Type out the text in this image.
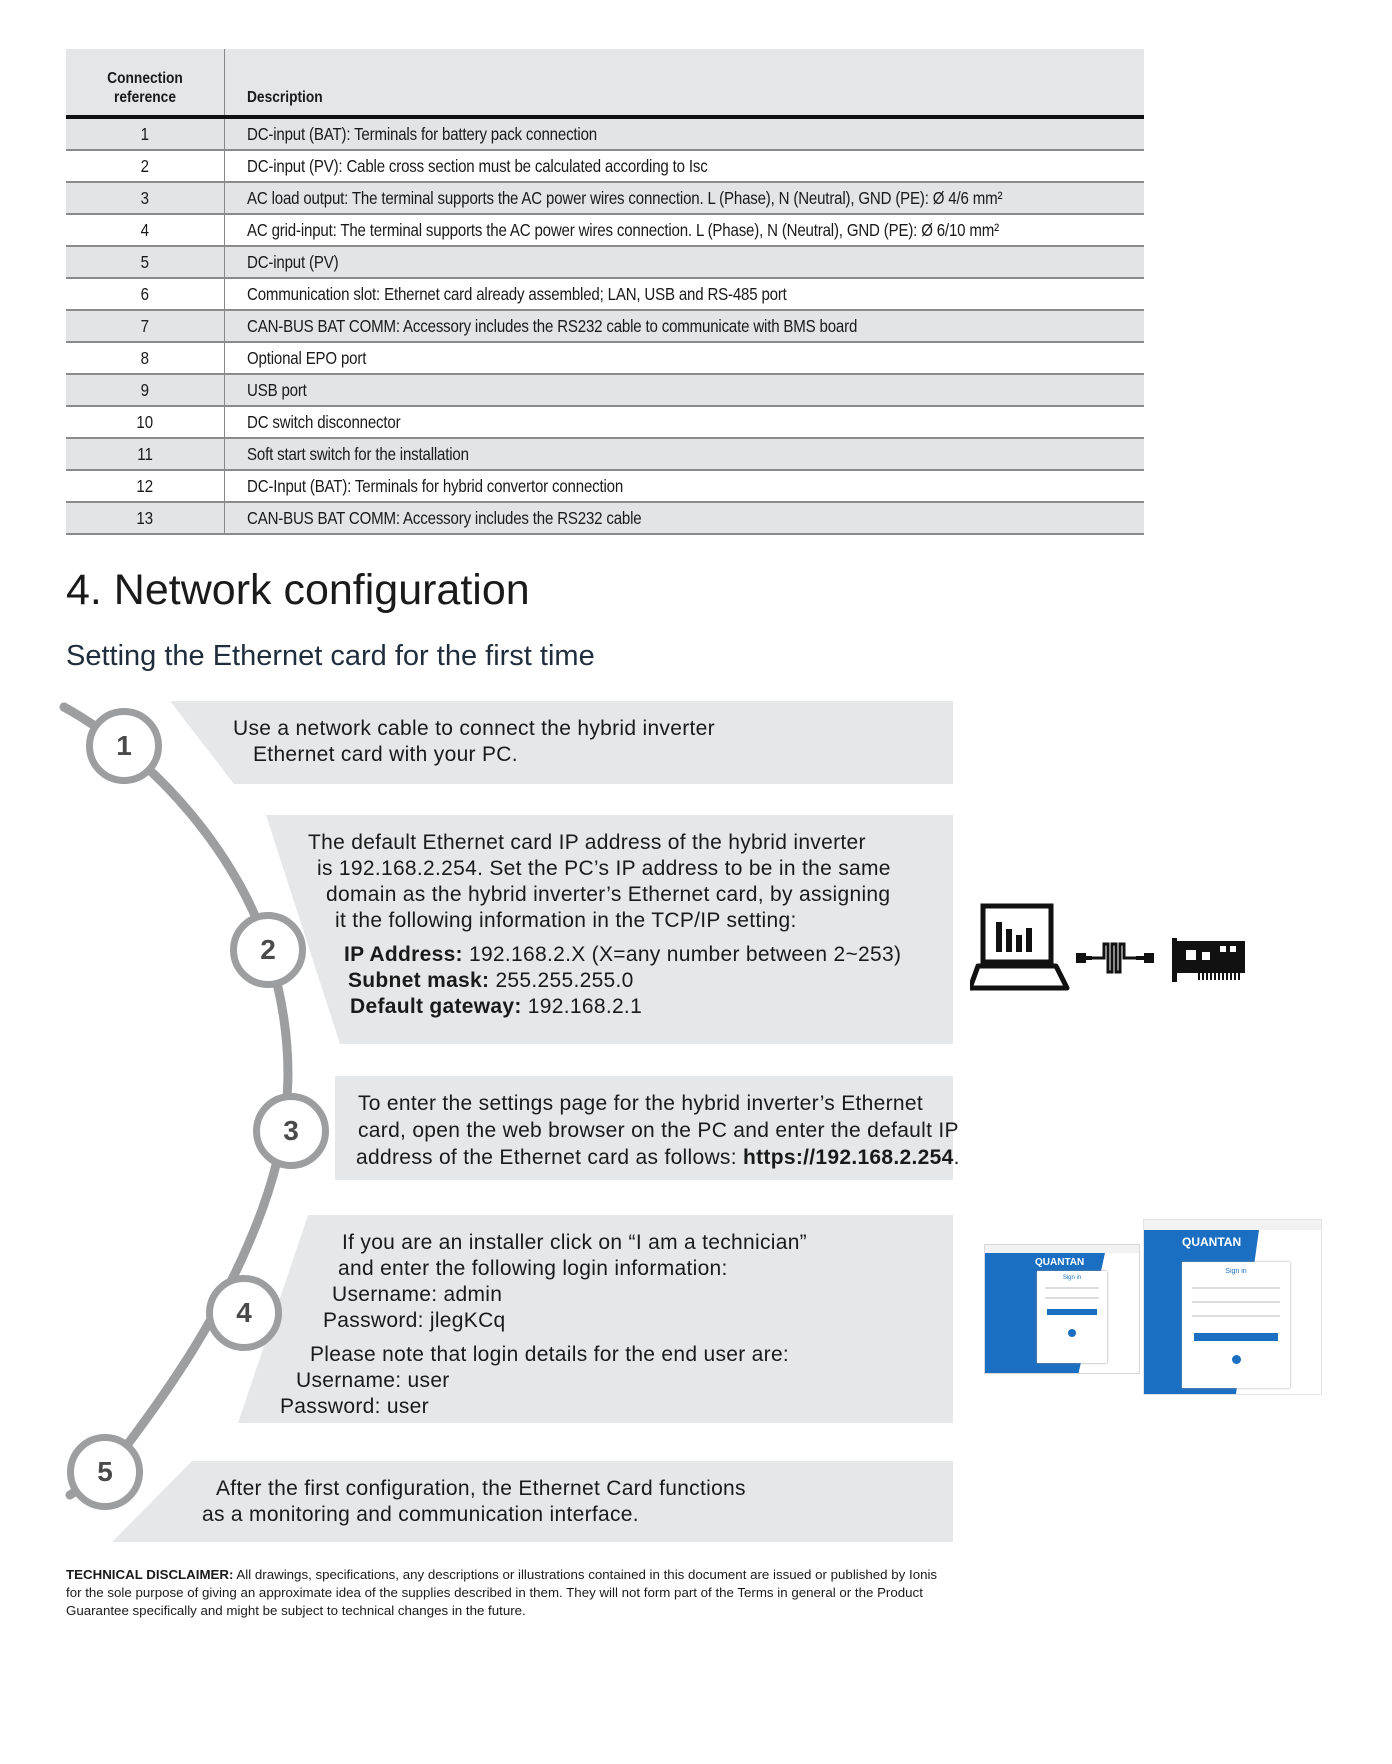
Connection
reference	Description
1	DC-input (BAT): Terminals for battery pack connection
2	DC-input (PV): Cable cross section must be calculated according to Isc
3	AC load output: The terminal supports the AC power wires connection. L (Phase), N (Neutral), GND (PE): Ø 4/6 mm²
4	AC grid-input: The terminal supports the AC power wires connection. L (Phase), N (Neutral), GND (PE): Ø 6/10 mm²
5	DC-input (PV)
6	Communication slot: Ethernet card already assembled; LAN, USB and RS-485 port
7	CAN-BUS BAT COMM: Accessory includes the RS232 cable to communicate with BMS board
8	Optional EPO port
9	USB port
10	DC switch disconnector
11	Soft start switch for the installation
12	DC-Input (BAT): Terminals for hybrid convertor connection
13	CAN-BUS BAT COMM: Accessory includes the RS232 cable
4. Network configuration
Setting the Ethernet card for the first time
1
2
3
4
5
Use a network cable to connect the hybrid inverter
Ethernet card with your PC.
The default Ethernet card IP address of the hybrid inverter
is 192.168.2.254. Set the PC’s IP address to be in the same
domain as the hybrid inverter’s Ethernet card, by assigning
it the following information in the TCP/IP setting:
IP Address: 192.168.2.X (X=any number between 2~253)
Subnet mask: 255.255.255.0
Default gateway: 192.168.2.1
To enter the settings page for the hybrid inverter’s Ethernet
card, open the web browser on the PC and enter the default IP
address of the Ethernet card as follows: https://192.168.2.254.
If you are an installer click on “I am a technician”
and enter the following login information:
Username: admin
Password: jlegKCq
Please note that login details for the end user are:
Username: user
Password: user
After the first configuration, the Ethernet Card functions
as a monitoring and communication interface.
QUANTAN
Sign in
QUANTAN
Sign in

TECHNICAL DISCLAIMER: All drawings, specifications, any descriptions or illustrations contained in this document are issued or published by Ionis for the sole purpose of giving an approximate idea of the supplies described in them. They will not form part of the Terms in general or the Product Guarantee specifically and might be subject to technical changes in the future.
